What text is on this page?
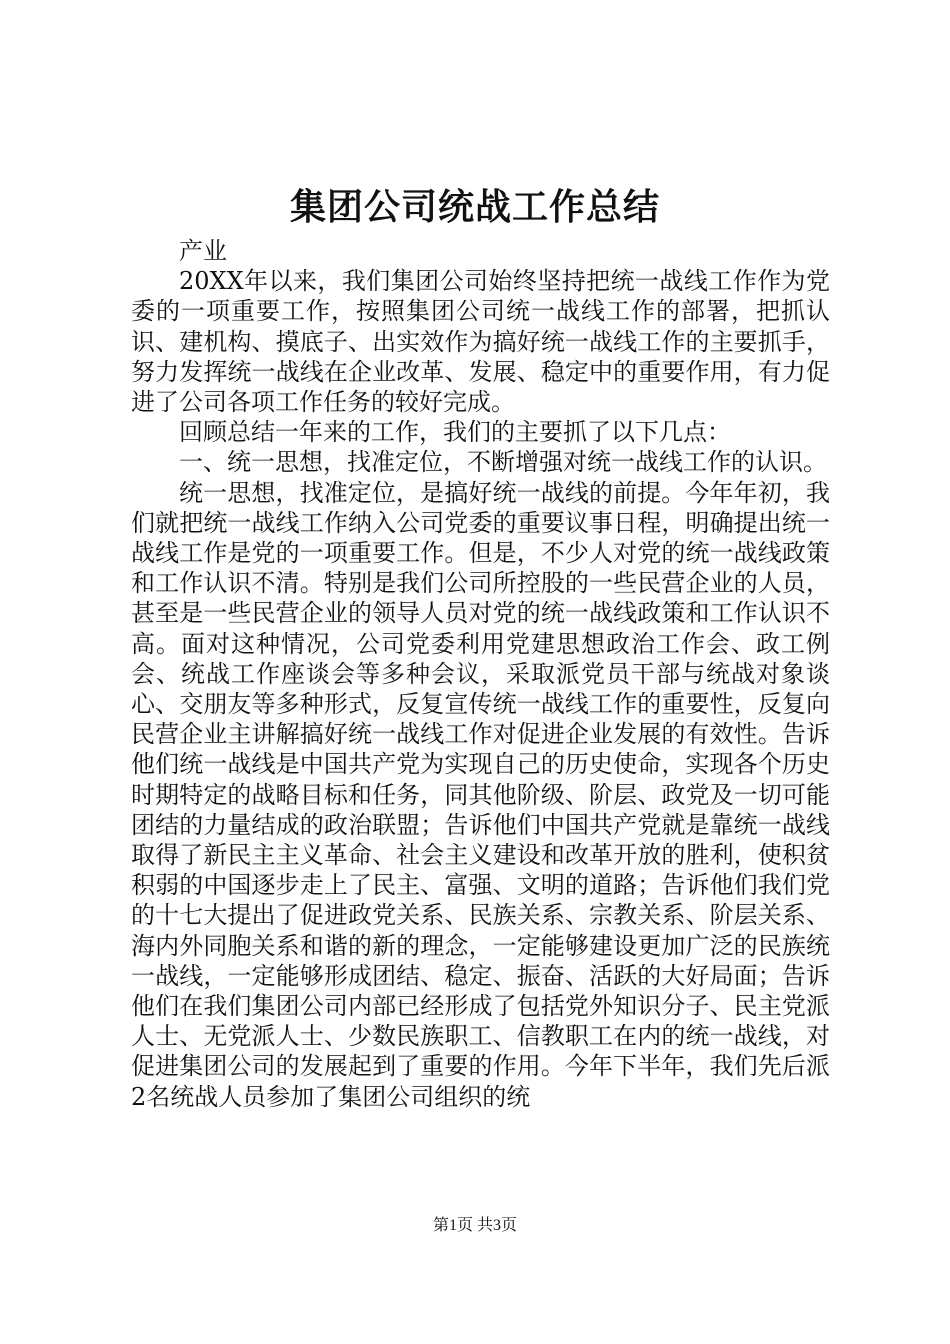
集团公司统战工作总结

产业

20XX年以来，我们集团公司始终坚持把统一战线工作作为党委的一项重要工作，按照集团公司统一战线工作的部署，把抓认识、建机构、摸底子、出实效作为搞好统一战线工作的主要抓手，努力发挥统一战线在企业改革、发展、稳定中的重要作用，有力促进了公司各项工作任务的较好完成。

回顾总结一年来的工作，我们的主要抓了以下几点：

一、统一思想，找准定位，不断增强对统一战线工作的认识。

统一思想，找准定位，是搞好统一战线的前提。今年年初，我们就把统一战线工作纳入公司党委的重要议事日程，明确提出统一战线工作是党的一项重要工作。但是，不少人对党的统一战线政策和工作认识不清。特别是我们公司所控股的一些民营企业的人员，甚至是一些民营企业的领导人员对党的统一战线政策和工作认识不高。面对这种情况，公司党委利用党建思想政治工作会、政工例会、统战工作座谈会等多种会议，采取派党员干部与统战对象谈心、交朋友等多种形式，反复宣传统一战线工作的重要性，反复向民营企业主讲解搞好统一战线工作对促进企业发展的有效性。告诉他们统一战线是中国共产党为实现自己的历史使命，实现各个历史时期特定的战略目标和任务，同其他阶级、阶层、政党及一切可能团结的力量结成的政治联盟；告诉他们中国共产党就是靠统一战线取得了新民主主义革命、社会主义建设和改革开放的胜利，使积贫积弱的中国逐步走上了民主、富强、文明的道路；告诉他们我们党的十七大提出了促进政党关系、民族关系、宗教关系、阶层关系、海内外同胞关系和谐的新的理念，一定能够建设更加广泛的民族统一战线，一定能够形成团结、稳定、振奋、活跃的大好局面；告诉他们在我们集团公司内部已经形成了包括党外知识分子、民主党派人士、无党派人士、少数民族职工、信教职工在内的统一战线，对促进集团公司的发展起到了重要的作用。今年下半年，我们先后派2名统战人员参加了集团公司组织的统

第1页 共3页
